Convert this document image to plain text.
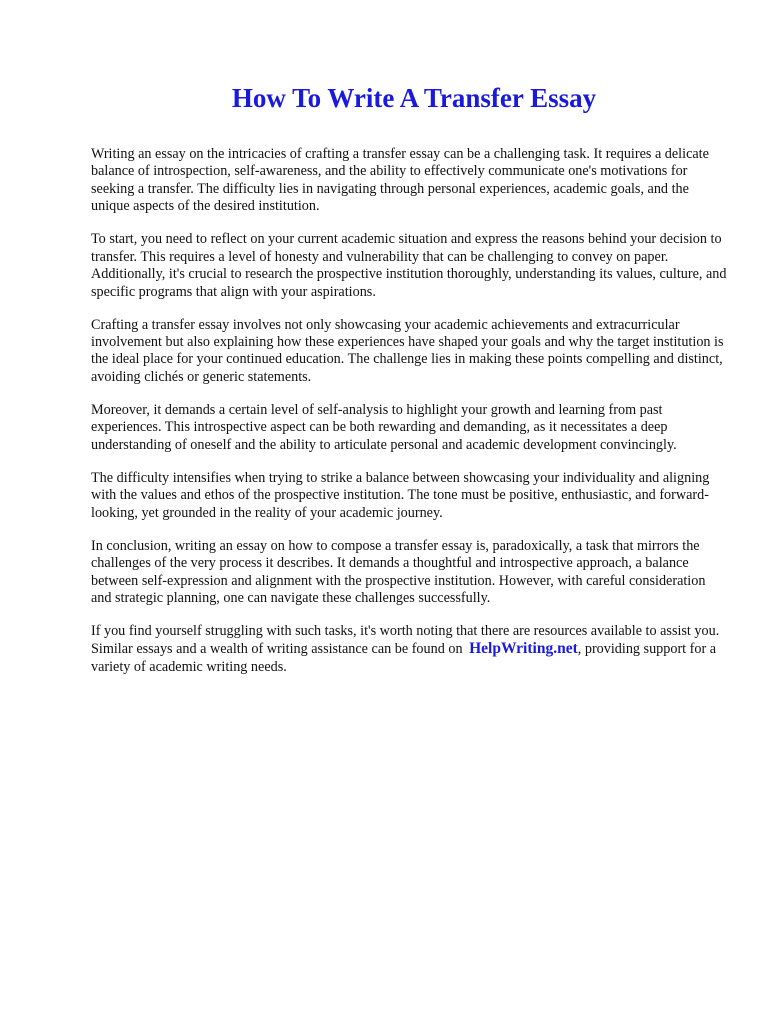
How To Write A Transfer Essay

Writing an essay on the intricacies of crafting a transfer essay can be a challenging task. It requires a delicate balance of introspection, self-awareness, and the ability to effectively communicate one's motivations for seeking a transfer. The difficulty lies in navigating through personal experiences, academic goals, and the unique aspects of the desired institution.

To start, you need to reflect on your current academic situation and express the reasons behind your decision to transfer. This requires a level of honesty and vulnerability that can be challenging to convey on paper. Additionally, it's crucial to research the prospective institution thoroughly, understanding its values, culture, and specific programs that align with your aspirations.

Crafting a transfer essay involves not only showcasing your academic achievements and extracurricular involvement but also explaining how these experiences have shaped your goals and why the target institution is the ideal place for your continued education. The challenge lies in making these points compelling and distinct, avoiding clichés or generic statements.

Moreover, it demands a certain level of self-analysis to highlight your growth and learning from past experiences. This introspective aspect can be both rewarding and demanding, as it necessitates a deep understanding of oneself and the ability to articulate personal and academic development convincingly.

The difficulty intensifies when trying to strike a balance between showcasing your individuality and aligning with the values and ethos of the prospective institution. The tone must be positive, enthusiastic, and forward-looking, yet grounded in the reality of your academic journey.

In conclusion, writing an essay on how to compose a transfer essay is, paradoxically, a task that mirrors the challenges of the very process it describes. It demands a thoughtful and introspective approach, a balance between self-expression and alignment with the prospective institution. However, with careful consideration and strategic planning, one can navigate these challenges successfully.

If you find yourself struggling with such tasks, it's worth noting that there are resources available to assist you. Similar essays and a wealth of writing assistance can be found on HelpWriting.net, providing support for a variety of academic writing needs.
